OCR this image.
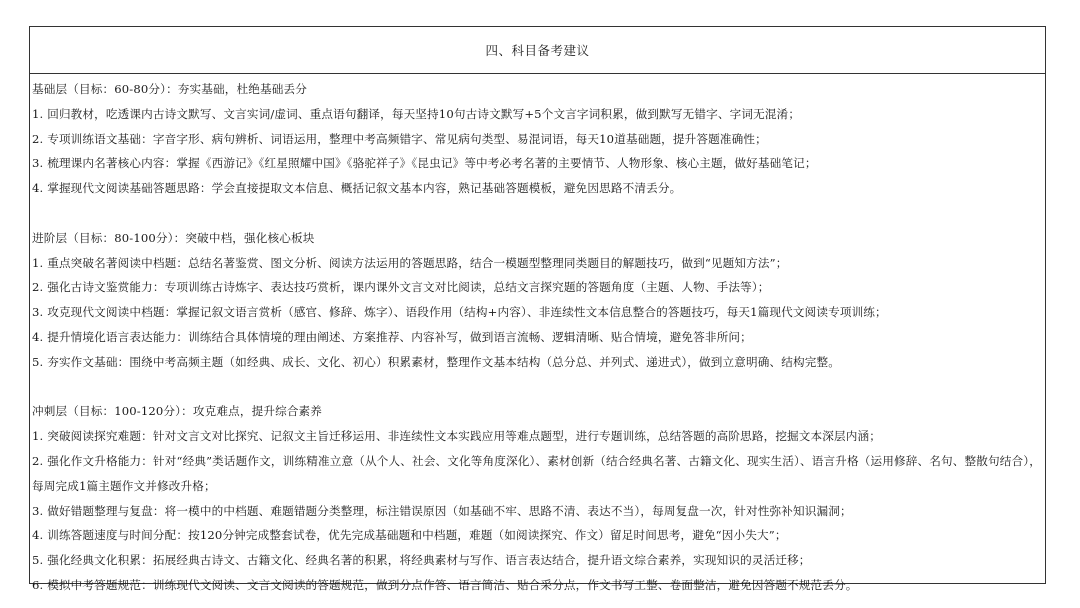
四、科目备考建议
基础层（目标：60-80分）：夯实基础，杜绝基础丢分
1. 回归教材，吃透课内古诗文默写、文言实词/虚词、重点语句翻译，每天坚持10句古诗文默写+5个文言字词积累，做到默写无错字、字词无混淆；
2. 专项训练语文基础：字音字形、病句辨析、词语运用，整理中考高频错字、常见病句类型、易混词语，每天10道基础题，提升答题准确性；
3. 梳理课内名著核心内容：掌握《西游记》《红星照耀中国》《骆驼祥子》《昆虫记》等中考必考名著的主要情节、人物形象、核心主题，做好基础笔记；
4. 掌握现代文阅读基础答题思路：学会直接提取文本信息、概括记叙文基本内容，熟记基础答题模板，避免因思路不清丢分。
进阶层（目标：80-100分）：突破中档，强化核心板块
1. 重点突破名著阅读中档题：总结名著鉴赏、图文分析、阅读方法运用的答题思路，结合一模题型整理同类题目的解题技巧，做到“见题知方法”；
2. 强化古诗文鉴赏能力：专项训练古诗炼字、表达技巧赏析，课内课外文言文对比阅读，总结文言探究题的答题角度（主题、人物、手法等）；
3. 攻克现代文阅读中档题：掌握记叙文语言赏析（感官、修辞、炼字）、语段作用（结构+内容）、非连续性文本信息整合的答题技巧，每天1篇现代文阅读专项训练；
4. 提升情境化语言表达能力：训练结合具体情境的理由阐述、方案推荐、内容补写，做到语言流畅、逻辑清晰、贴合情境，避免答非所问；
5. 夯实作文基础：围绕中考高频主题（如经典、成长、文化、初心）积累素材，整理作文基本结构（总分总、并列式、递进式），做到立意明确、结构完整。
冲刺层（目标：100-120分）：攻克难点，提升综合素养
1. 突破阅读探究难题：针对文言文对比探究、记叙文主旨迁移运用、非连续性文本实践应用等难点题型，进行专题训练，总结答题的高阶思路，挖掘文本深层内涵；
2. 强化作文升格能力：针对“经典”类话题作文，训练精准立意（从个人、社会、文化等角度深化）、素材创新（结合经典名著、古籍文化、现实生活）、语言升格（运用修辞、名句、整散句结合），每周完成1篇主题作文并修改升格；
3. 做好错题整理与复盘：将一模中的中档题、难题错题分类整理，标注错误原因（如基础不牢、思路不清、表达不当），每周复盘一次，针对性弥补知识漏洞；
4. 训练答题速度与时间分配：按120分钟完成整套试卷，优先完成基础题和中档题，难题（如阅读探究、作文）留足时间思考，避免“因小失大”；
5. 强化经典文化积累：拓展经典古诗文、古籍文化、经典名著的积累，将经典素材与写作、语言表达结合，提升语文综合素养，实现知识的灵活迁移；
6. 模拟中考答题规范：训练现代文阅读、文言文阅读的答题规范，做到分点作答、语言简洁、贴合采分点，作文书写工整、卷面整洁，避免因答题不规范丢分。
